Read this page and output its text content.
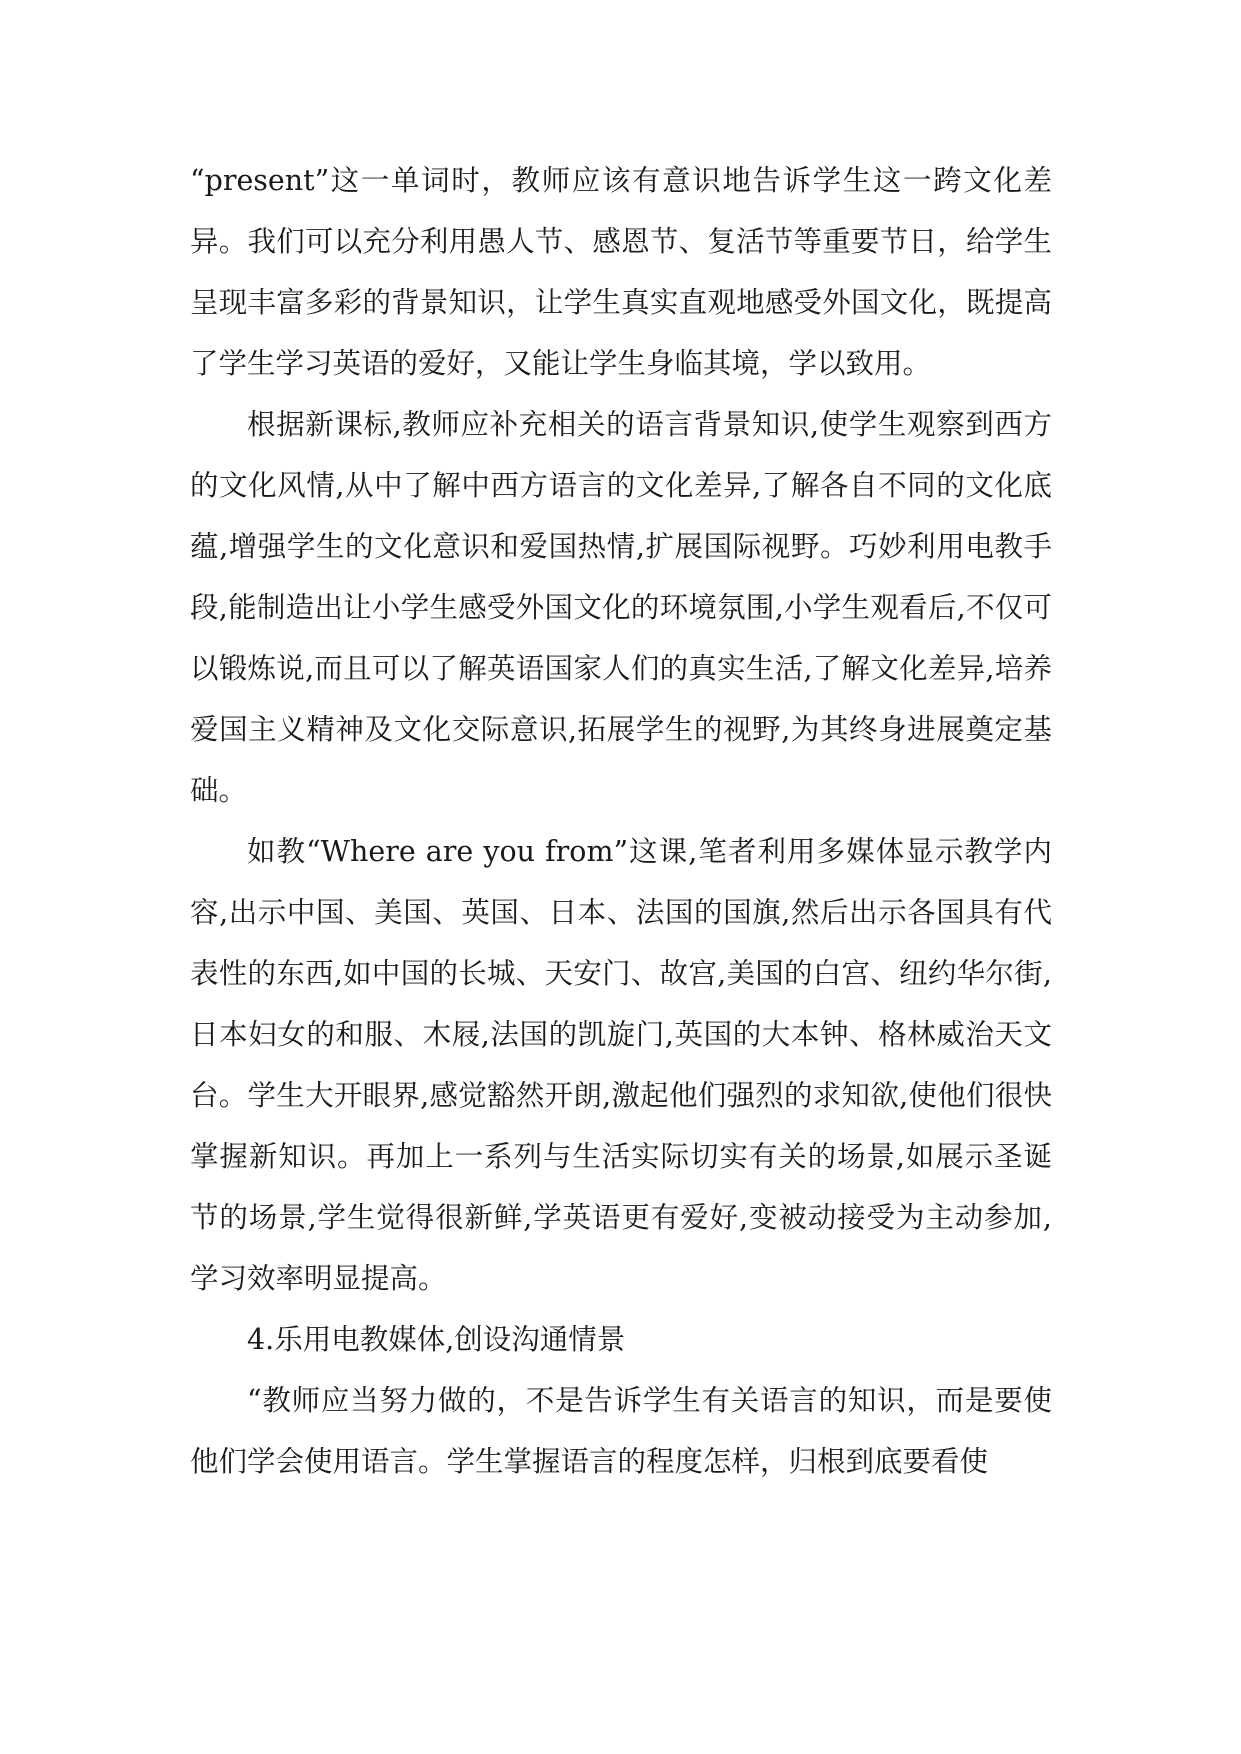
“present”这一单词时，教师应该有意识地告诉学生这一跨文化差异。我们可以充分利用愚人节、感恩节、复活节等重要节日，给学生呈现丰富多彩的背景知识，让学生真实直观地感受外国文化，既提高了学生学习英语的爱好，又能让学生身临其境，学以致用。

根据新课标,教师应补充相关的语言背景知识,使学生观察到西方的文化风情,从中了解中西方语言的文化差异,了解各自不同的文化底蕴,增强学生的文化意识和爱国热情,扩展国际视野。巧妙利用电教手段,能制造出让小学生感受外国文化的环境氛围,小学生观看后,不仅可以锻炼说,而且可以了解英语国家人们的真实生活,了解文化差异,培养爱国主义精神及文化交际意识,拓展学生的视野,为其终身进展奠定基础。

如教“Where are you from”这课,笔者利用多媒体显示教学内容,出示中国、美国、英国、日本、法国的国旗,然后出示各国具有代表性的东西,如中国的长城、天安门、故宫,美国的白宫、纽约华尔街,日本妇女的和服、木屐,法国的凯旋门,英国的大本钟、格林威治天文台。学生大开眼界,感觉豁然开朗,激起他们强烈的求知欲,使他们很快掌握新知识。再加上一系列与生活实际切实有关的场景,如展示圣诞节的场景,学生觉得很新鲜,学英语更有爱好,变被动接受为主动参加,学习效率明显提高。

4.乐用电教媒体,创设沟通情景

“教师应当努力做的，不是告诉学生有关语言的知识，而是要使他们学会使用语言。学生掌握语言的程度怎样，归根到底要看使
